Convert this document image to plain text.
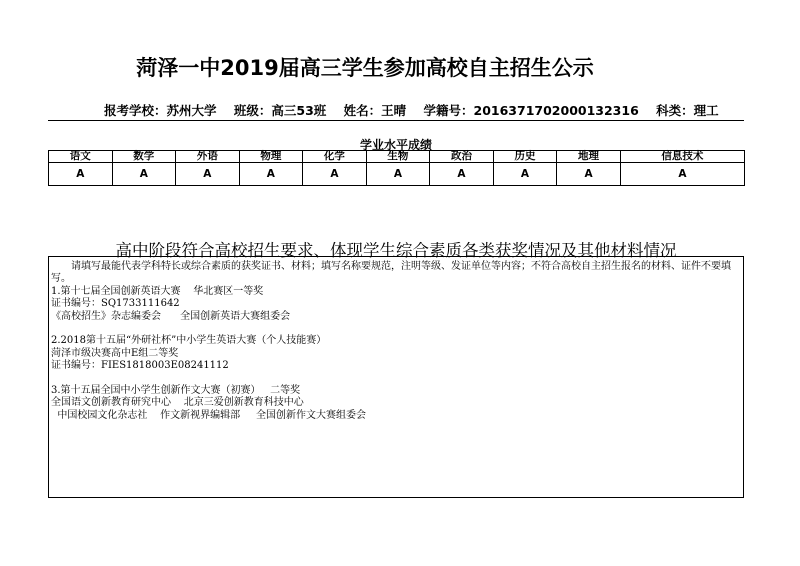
菏泽一中2019届高三学生参加高校自主招生公示
报考学校：苏州大学 班级：高三53班 姓名：王晴 学籍号：2016371702000132316 科类：理工
学业水平成绩
语文	数学	外语	物理	化学	生物	政治	历史	地理	信息技术
A	A	A	A	A	A	A	A	A	A
高中阶段符合高校招生要求、体现学生综合素质各类获奖情况及其他材料情况
请填写最能代表学科特长或综合素质的获奖证书、材料；填写名称要规范，注明等级、发证单位等内容；不符合高校自主招生报名的材料、证件不要填写。
1.第十七届全国创新英语大赛    华北赛区一等奖
证书编号：SQ1733111642
《高校招生》杂志编委会      全国创新英语大赛组委会
2.2018第十五届“外研社杯”中小学生英语大赛（个人技能赛）
菏泽市级决赛高中E组二等奖
证书编号：FIES1818003E08241112
3.第十五届全国中小学生创新作文大赛（初赛）   二等奖
全国语文创新教育研究中心    北京三爱创新教育科技中心
中国校园文化杂志社    作文新视界编辑部     全国创新作文大赛组委会
